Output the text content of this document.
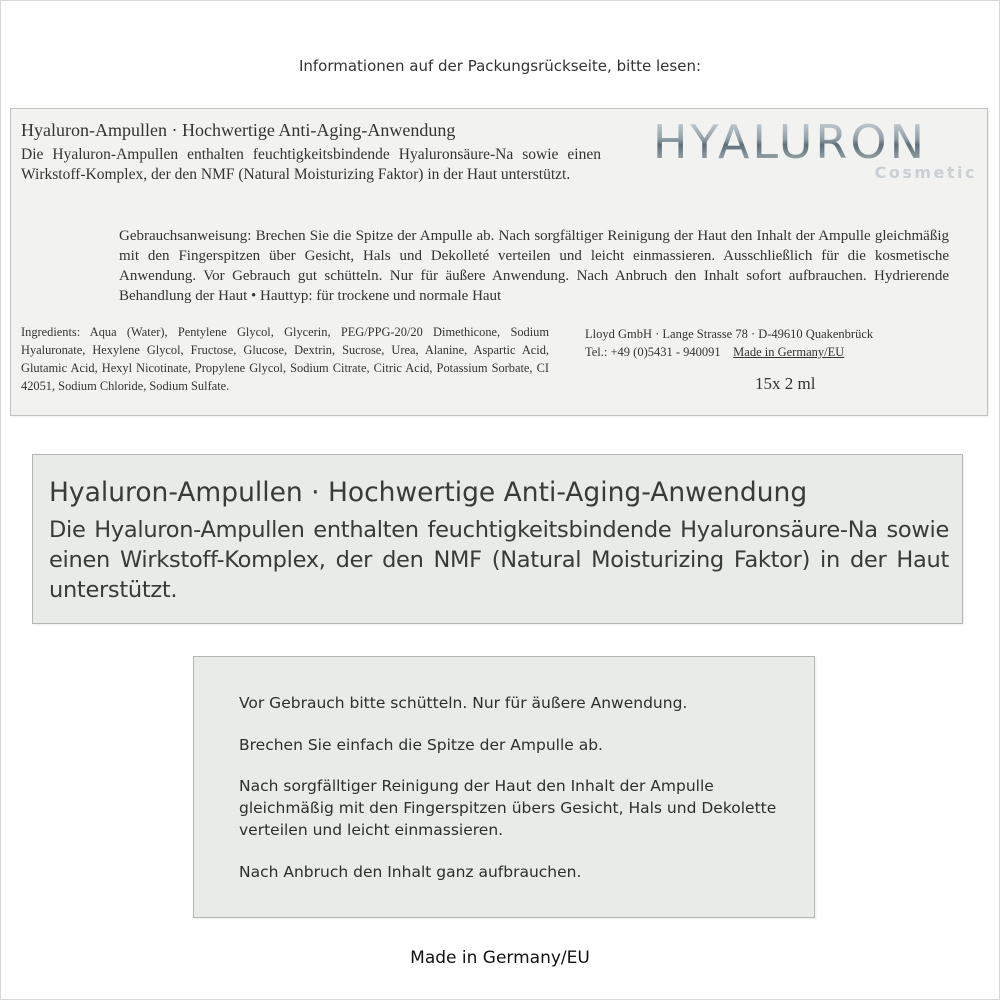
Informationen auf der Packungsrückseite, bitte lesen:
Hyaluron-Ampullen · Hochwertige Anti-Aging-Anwendung
Die Hyaluron-Ampullen enthalten feuchtigkeitsbindende Hyaluronsäure-Na sowie einen Wirkstoff-Komplex, der den NMF (Natural Moisturizing Faktor) in der Haut unterstützt.
HYALURON
Cosmetic
Gebrauchsanweisung: Brechen Sie die Spitze der Ampulle ab. Nach sorgfältiger Reinigung der Haut den Inhalt der Ampulle gleichmäßig mit den Fingerspitzen über Gesicht, Hals und Dekolleté verteilen und leicht einmassieren. Ausschließlich für die kosmetische Anwendung. Vor Gebrauch gut schütteln. Nur für äußere Anwendung. Nach Anbruch den Inhalt sofort aufbrauchen. Hydrierende Behandlung der Haut • Hauttyp: für trockene und normale Haut
Ingredients: Aqua (Water), Pentylene Glycol, Glycerin, PEG/PPG-20/20 Dimethicone, Sodium Hyaluronate, Hexylene Glycol, Fructose, Glucose, Dextrin, Sucrose, Urea, Alanine, Aspartic Acid, Glutamic Acid, Hexyl Nicotinate, Propylene Glycol, Sodium Citrate, Citric Acid, Potassium Sorbate, CI 42051, Sodium Chloride, Sodium Sulfate.
Lloyd GmbH · Lange Strasse 78 · D-49610 Quakenbrück
Tel.: +49 (0)5431 - 940091 Made in Germany/EU
15x 2 ml
Hyaluron-Ampullen · Hochwertige Anti-Aging-Anwendung
Die Hyaluron-Ampullen enthalten feuchtigkeitsbindende Hyaluronsäure-Na sowie einen Wirkstoff-Komplex, der den NMF (Natural Moisturizing Faktor) in der Haut unterstützt.
Vor Gebrauch bitte schütteln. Nur für äußere Anwendung.
Brechen Sie einfach die Spitze der Ampulle ab.
Nach sorgfälltiger Reinigung der Haut den Inhalt der Ampulle gleichmäßig mit den Fingerspitzen übers Gesicht, Hals und Dekolette verteilen und leicht einmassieren.
Nach Anbruch den Inhalt ganz aufbrauchen.
Made in Germany/EU
